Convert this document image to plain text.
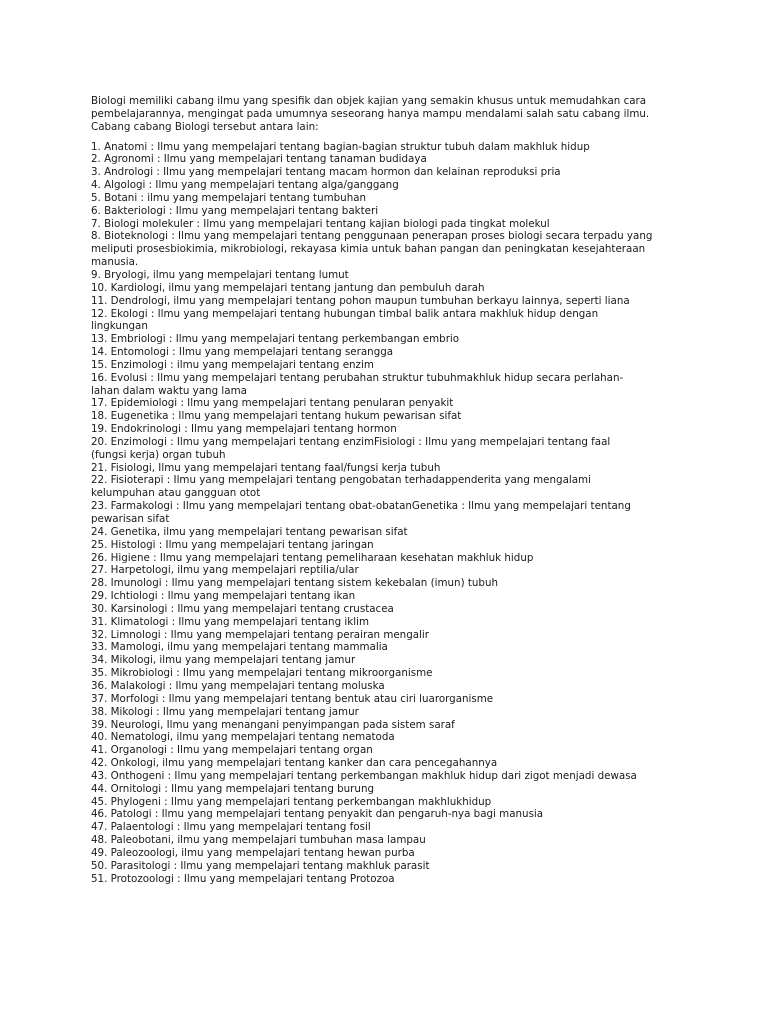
Biologi memiliki cabang ilmu yang spesifik dan objek kajian yang semakin khusus untuk memudahkan cara
pembelajarannya, mengingat pada umumnya seseorang hanya mampu mendalami salah satu cabang ilmu.
Cabang cabang Biologi tersebut antara lain:

1. Anatomi : Ilmu yang mempelajari tentang bagian-bagian struktur tubuh dalam makhluk hidup
2. Agronomi : Ilmu yang mempelajari tentang tanaman budidaya
3. Andrologi : Ilmu yang mempelajari tentang macam hormon dan kelainan reproduksi pria
4. Algologi : Ilmu yang mempelajari tentang alga/ganggang
5. Botani : ilmu yang mempelajari tentang tumbuhan
6. Bakteriologi : Ilmu yang mempelajari tentang bakteri
7. Biologi molekuler : Ilmu yang mempelajari tentang kajian biologi pada tingkat molekul
8. Bioteknologi : Ilmu yang mempelajari tentang penggunaan penerapan proses biologi secara terpadu yang
meliputi prosesbiokimia, mikrobiologi, rekayasa kimia untuk bahan pangan dan peningkatan kesejahteraan
manusia.
9. Bryologi, ilmu yang mempelajari tentang lumut
10. Kardiologi, ilmu yang mempelajari tentang jantung dan pembuluh darah
11. Dendrologi, ilmu yang mempelajari tentang pohon maupun tumbuhan berkayu lainnya, seperti liana
12. Ekologi : Ilmu yang mempelajari tentang hubungan timbal balik antara makhluk hidup dengan
lingkungan
13. Embriologi : Ilmu yang mempelajari tentang perkembangan embrio
14. Entomologi : Ilmu yang mempelajari tentang serangga
15. Enzimologi : ilmu yang mempelajari tentang enzim
16. Evolusi : Ilmu yang mempelajari tentang perubahan struktur tubuhmakhluk hidup secara perlahan-
lahan dalam waktu yang lama
17. Epidemiologi : Ilmu yang mempelajari tentang penularan penyakit
18. Eugenetika : Ilmu yang mempelajari tentang hukum pewarisan sifat
19. Endokrinologi : Ilmu yang mempelajari tentang hormon
20. Enzimologi : Ilmu yang mempelajari tentang enzimFisiologi : Ilmu yang mempelajari tentang faal
(fungsi kerja) organ tubuh
21. Fisiologi, Ilmu yang mempelajari tentang faal/fungsi kerja tubuh
22. Fisioterapi : Ilmu yang mempelajari tentang pengobatan terhadappenderita yang mengalami
kelumpuhan atau gangguan otot
23. Farmakologi : Ilmu yang mempelajari tentang obat-obatanGenetika : Ilmu yang mempelajari tentang
pewarisan sifat
24. Genetika, ilmu yang mempelajari tentang pewarisan sifat
25. Histologi : Ilmu yang mempelajari tentang jaringan
26. Higiene : Ilmu yang mempelajari tentang pemeliharaan kesehatan makhluk hidup
27. Harpetologi, ilmu yang mempelajari reptilia/ular
28. Imunologi : Ilmu yang mempelajari tentang sistem kekebalan (imun) tubuh
29. Ichtiologi : Ilmu yang mempelajari tentang ikan
30. Karsinologi : Ilmu yang mempelajari tentang crustacea
31. Klimatologi : Ilmu yang mempelajari tentang iklim
32. Limnologi : Ilmu yang mempelajari tentang perairan mengalir
33. Mamologi, ilmu yang mempelajari tentang mammalia
34. Mikologi, ilmu yang mempelajari tentang jamur
35. Mikrobiologi : Ilmu yang mempelajari tentang mikroorganisme
36. Malakologi : Ilmu yang mempelajari tentang moluska
37. Morfologi : Ilmu yang mempelajari tentang bentuk atau ciri luarorganisme
38. Mikologi : Ilmu yang mempelajari tentang jamur
39. Neurologi, Ilmu yang menangani penyimpangan pada sistem saraf
40. Nematologi, ilmu yang mempelajari tentang nematoda
41. Organologi : Ilmu yang mempelajari tentang organ
42. Onkologi, ilmu yang mempelajari tentang kanker dan cara pencegahannya
43. Onthogeni : Ilmu yang mempelajari tentang perkembangan makhluk hidup dari zigot menjadi dewasa
44. Ornitologi : Ilmu yang mempelajari tentang burung
45. Phylogeni : Ilmu yang mempelajari tentang perkembangan makhlukhidup
46. Patologi : Ilmu yang mempelajari tentang penyakit dan pengaruh-nya bagi manusia
47. Palaentologi : Ilmu yang mempelajari tentang fosil
48. Paleobotani, ilmu yang mempelajari tumbuhan masa lampau
49. Paleozoologi, ilmu yang mempelajari tentang hewan purba
50. Parasitologi : Ilmu yang mempelajari tentang makhluk parasit
51. Protozoologi : Ilmu yang mempelajari tentang Protozoa
